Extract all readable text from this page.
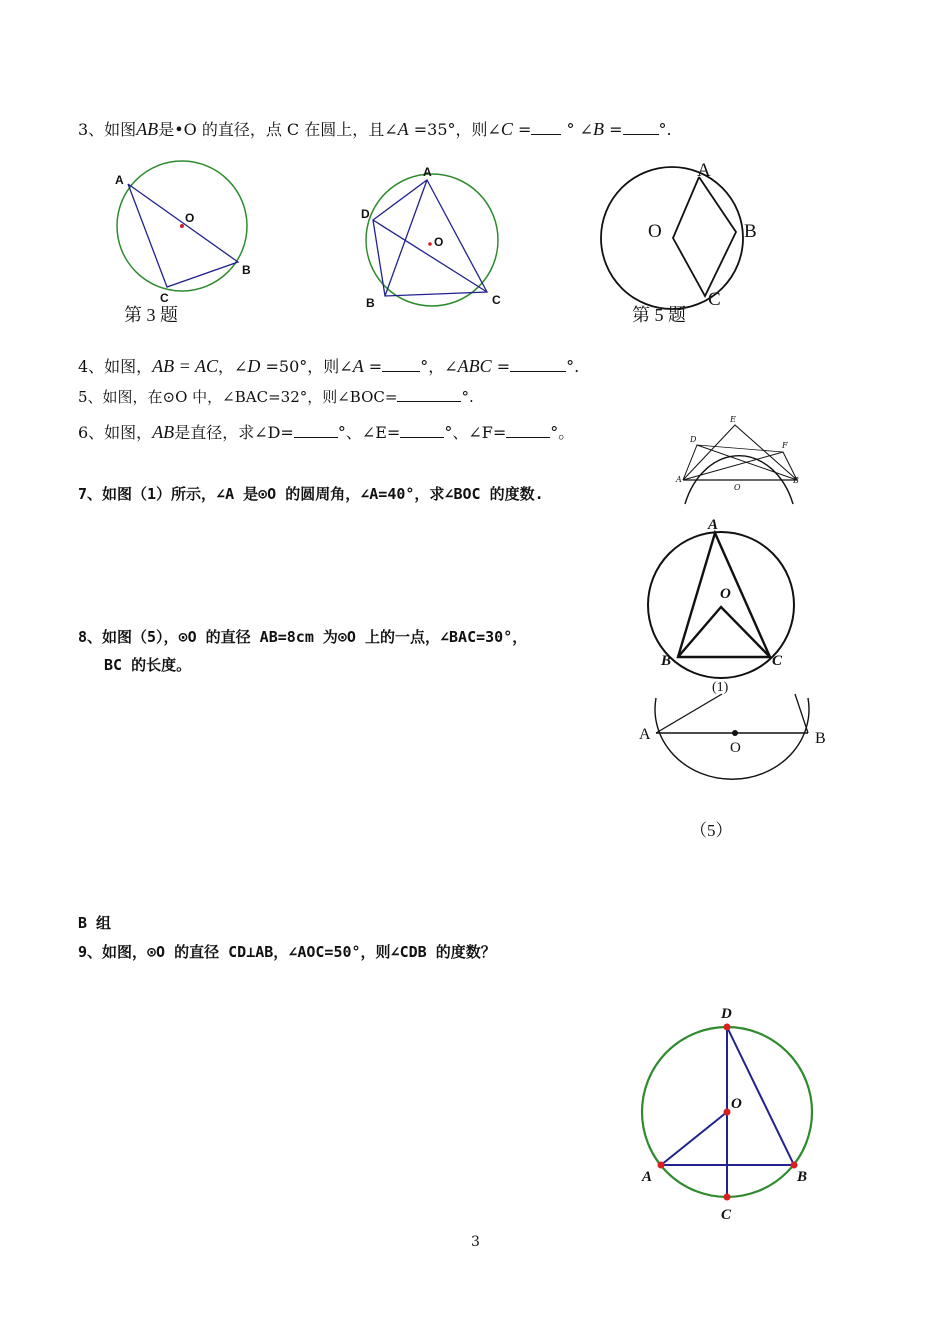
3、如图AB是•O 的直径，点 C 在圆上，且∠A =35°，则∠C = ° ∠B = °.
A
O
B
C
第 3 题
A
D
O
B	C
A
O	B
C
第 5 题
4、如图，AB = AC，∠D =50°，则∠A = °，∠ABC =	°.
5、如图，在⊙O 中，∠BAC=32°，则∠BOC=	°.
6、如图，AB是直径，求∠D=	°、∠E=	°、∠F=	°。
A	B
D
E
F
O
7、如图（1）所示，∠A 是⊙O 的圆周角，∠A=40°，求∠BOC 的度数.
A
O
B	C
(1)
8、如图（5），⊙O 的直径 AB=8cm 为⊙O 上的一点，∠BAC=30°，
BC 的长度。
A
O
B
（5）
B 组
9、如图，⊙O 的直径 CD⊥AB，∠AOC=50°，则∠CDB 的度数？
D
O
A	B
C
3
